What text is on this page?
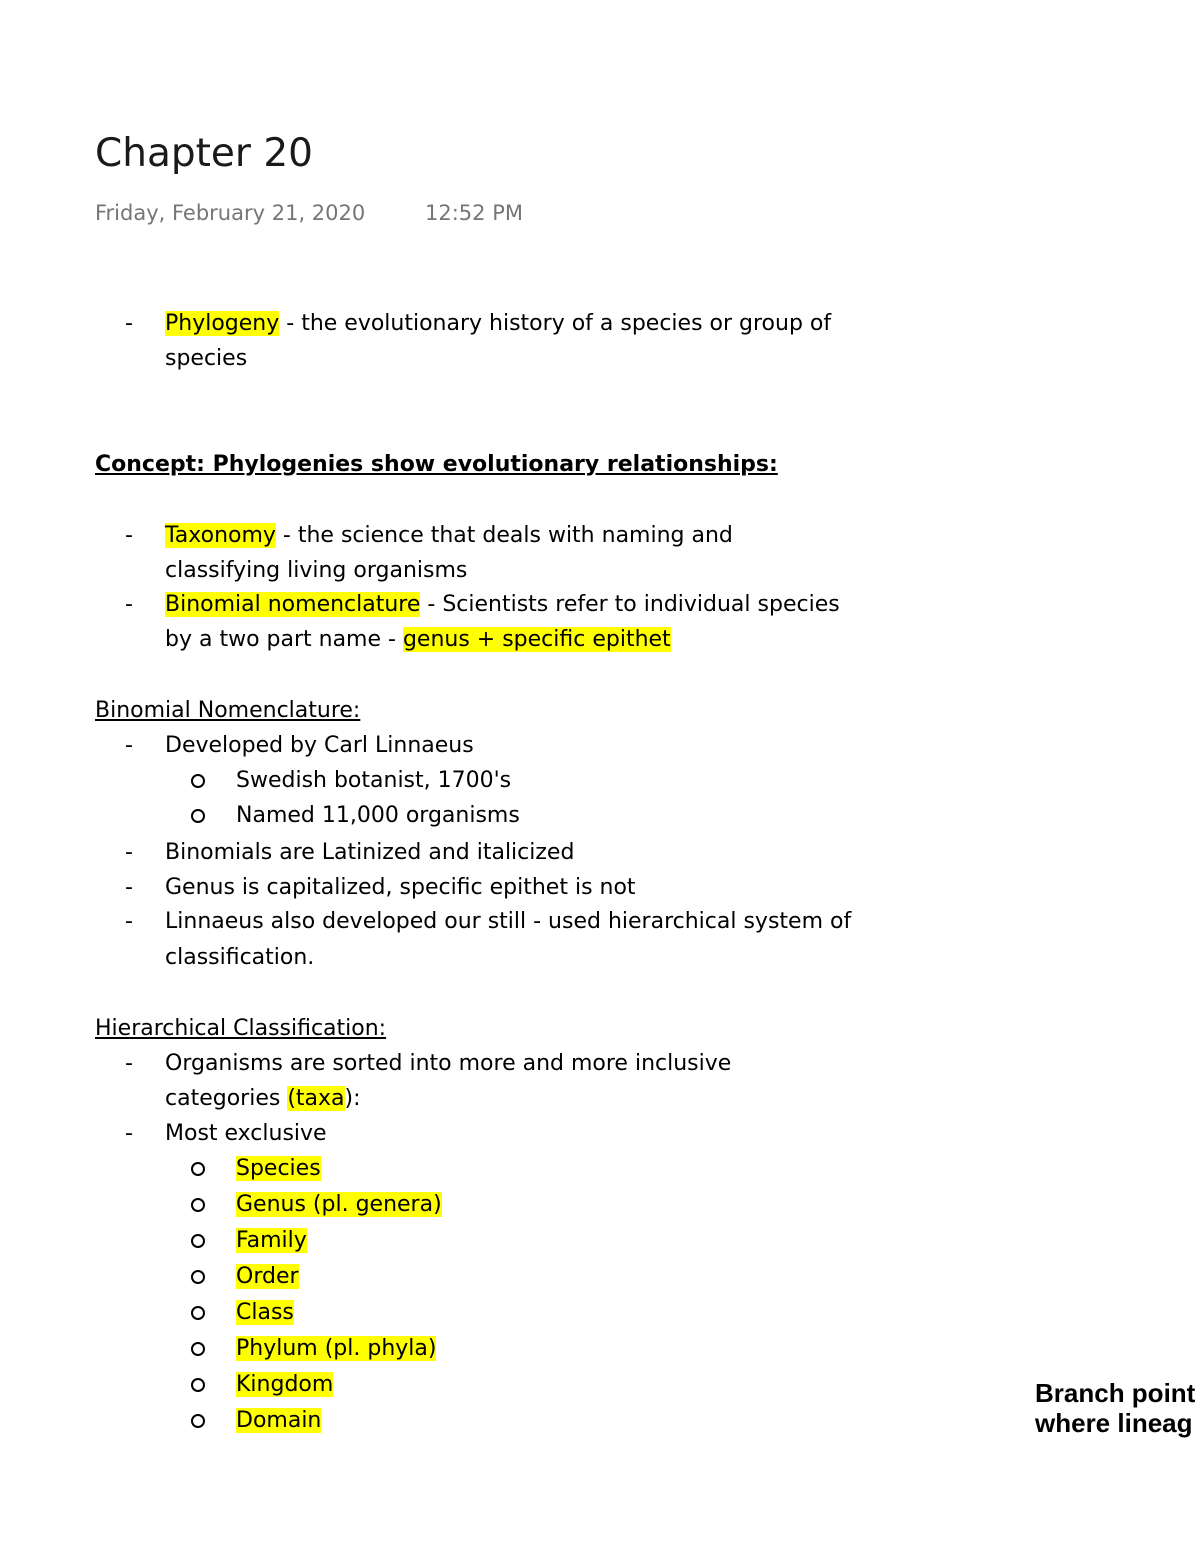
Chapter 20
Friday, February 21, 2020	12:52 PM
- Phylogeny - the evolutionary history of a species or group of
species
Concept: Phylogenies show evolutionary relationships:
- Taxonomy - the science that deals with naming and
classifying living organisms
- Binomial nomenclature - Scientists refer to individual species
by a two part name - genus + specific epithet
Binomial Nomenclature:
- Developed by Carl Linnaeus
Swedish botanist, 1700's
Named 11,000 organisms
- Binomials are Latinized and italicized
- Genus is capitalized, specific epithet is not
- Linnaeus also developed our still - used hierarchical system of
classification.
Hierarchical Classification:
- Organisms are sorted into more and more inclusive
categories (taxa):
- Most exclusive
Species
Genus (pl. genera)
Family
Order
Class
Phylum (pl. phyla)
Kingdom
Domain
Branch point
where lineag
